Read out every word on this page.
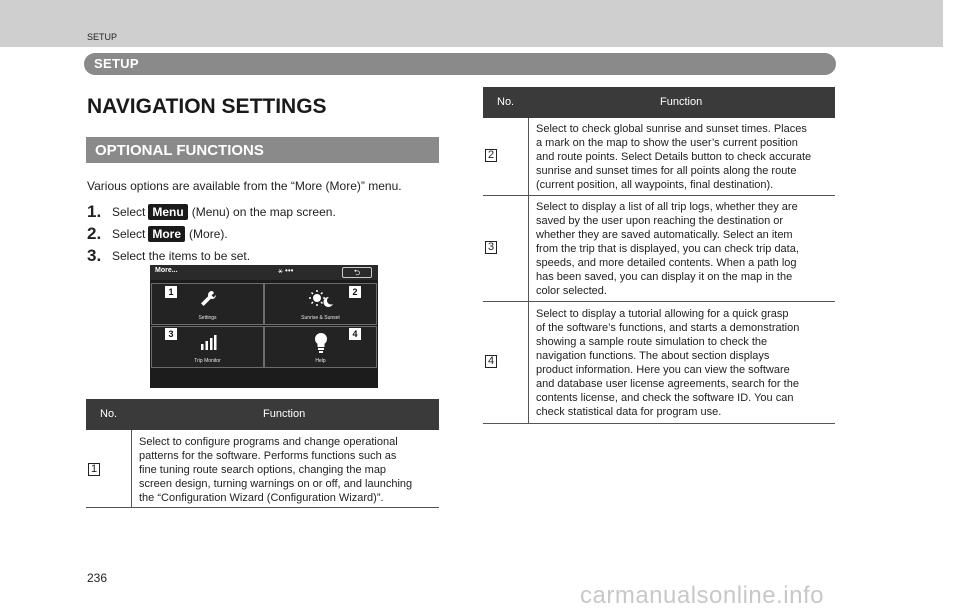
SETUP
SETUP
NAVIGATION SETTINGS
OPTIONAL FUNCTIONS
Various options are available from the “More (More)” menu.
1. Select Menu (Menu) on the map screen.
2. Select More (More).
3. Select the items to be set.
More...	⚹ •••	⮌
Settings
1
Sunrise & Sunset
2
Trip Monitor
3
Help
4
No.	Function
1
Select to configure programs and change operational
patterns for the software. Performs functions such as
fine tuning route search options, changing the map
screen design, turning warnings on or off, and launching
the “Configuration Wizard (Configuration Wizard)”.
No.	Function
2
Select to check global sunrise and sunset times. Places
a mark on the map to show the user’s current position
and route points. Select Details button to check accurate
sunrise and sunset times for all points along the route
(current position, all waypoints, final destination).
3
Select to display a list of all trip logs, whether they are
saved by the user upon reaching the destination or
whether they are saved automatically. Select an item
from the trip that is displayed, you can check trip data,
speeds, and more detailed contents. When a path log
has been saved, you can display it on the map in the
color selected.
4
Select to display a tutorial allowing for a quick grasp
of the software’s functions, and starts a demonstration
showing a sample route simulation to check the
navigation functions. The about section displays
product information. Here you can view the software
and database user license agreements, search for the
contents license, and check the software ID. You can
check statistical data for program use.
236
carmanualsonline.info
